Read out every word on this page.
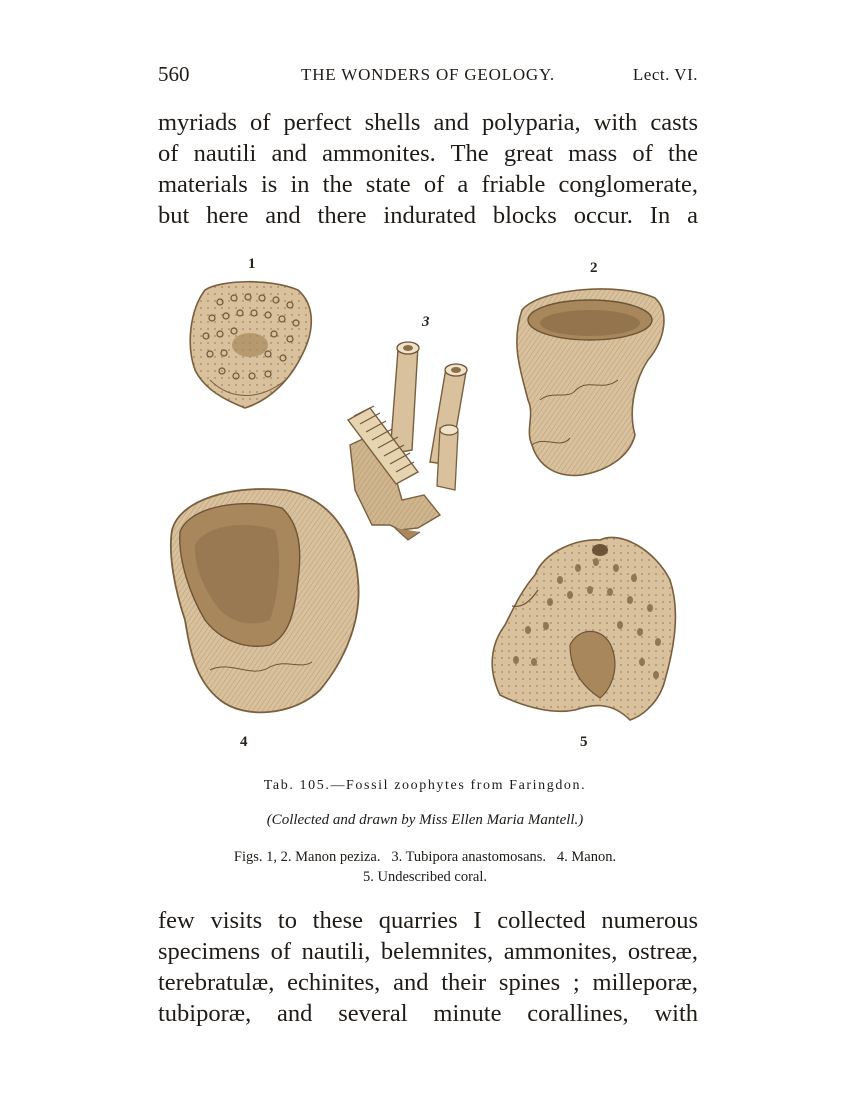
560	THE WONDERS OF GEOLOGY.	Lect. VI.
myriads of perfect shells and polyparia, with casts
of nautili and ammonites. The great mass of the
materials is in the state of a friable conglomerate,
but here and there indurated blocks occur. In a
1	2
3
4	5
Tab. 105.—Fossil zoophytes from Faringdon.
(Collected and drawn by Miss Ellen Maria Mantell.)
Figs. 1, 2. Manon peziza.   3. Tubipora anastomosans.   4. Manon.
5. Undescribed coral.
few visits to these quarries I collected numerous
specimens of nautili, belemnites, ammonites, ostreæ,
terebratulæ, echinites, and their spines ; milleporæ,
tubiporæ, and several minute corallines, with
